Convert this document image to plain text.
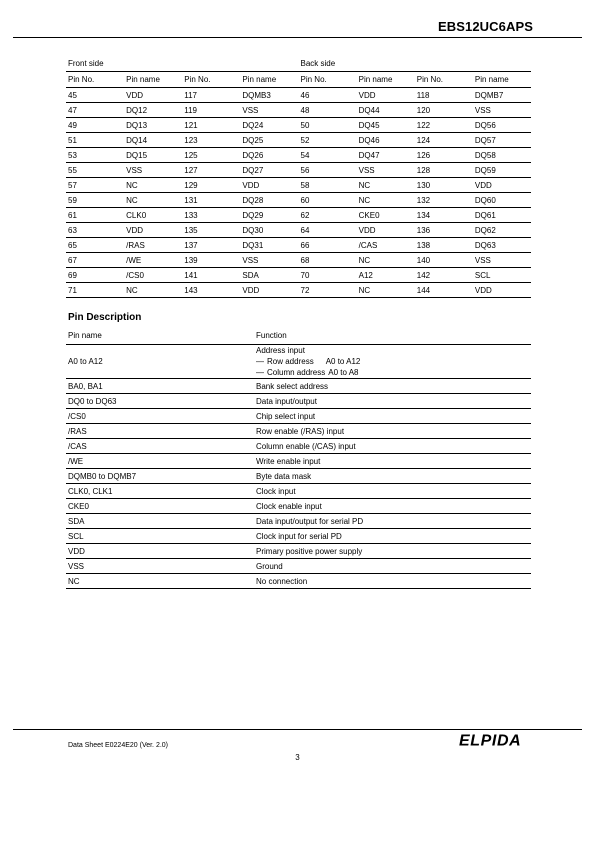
EBS12UC6APS
Front side				Back side			
Pin No.	Pin name	Pin No.	Pin name	Pin No.	Pin name	Pin No.	Pin name
45	VDD	117	DQMB3	46	VDD	118	DQMB7
47	DQ12	119	VSS	48	DQ44	120	VSS
49	DQ13	121	DQ24	50	DQ45	122	DQ56
51	DQ14	123	DQ25	52	DQ46	124	DQ57
53	DQ15	125	DQ26	54	DQ47	126	DQ58
55	VSS	127	DQ27	56	VSS	128	DQ59
57	NC	129	VDD	58	NC	130	VDD
59	NC	131	DQ28	60	NC	132	DQ60
61	CLK0	133	DQ29	62	CKE0	134	DQ61
63	VDD	135	DQ30	64	VDD	136	DQ62
65	/RAS	137	DQ31	66	/CAS	138	DQ63
67	/WE	139	VSS	68	NC	140	VSS
69	/CS0	141	SDA	70	A12	142	SCL
71	NC	143	VDD	72	NC	144	VDD
Pin Description
Pin name	Function
A0 to A12	Address input
— Row address A0 to A12
— Column address A0 to A8

BA0, BA1	Bank select address
DQ0 to DQ63	Data input/output
/CS0	Chip select input
/RAS	Row enable (/RAS) input
/CAS	Column enable (/CAS) input
/WE	Write enable input
DQMB0 to DQMB7	Byte data mask
CLK0, CLK1	Clock input
CKE0	Clock enable input
SDA	Data input/output for serial PD
SCL	Clock input for serial PD
VDD	Primary positive power supply
VSS	Ground
NC	No connection
Data Sheet E0224E20 (Ver. 2.0)
3
ELPIDA
